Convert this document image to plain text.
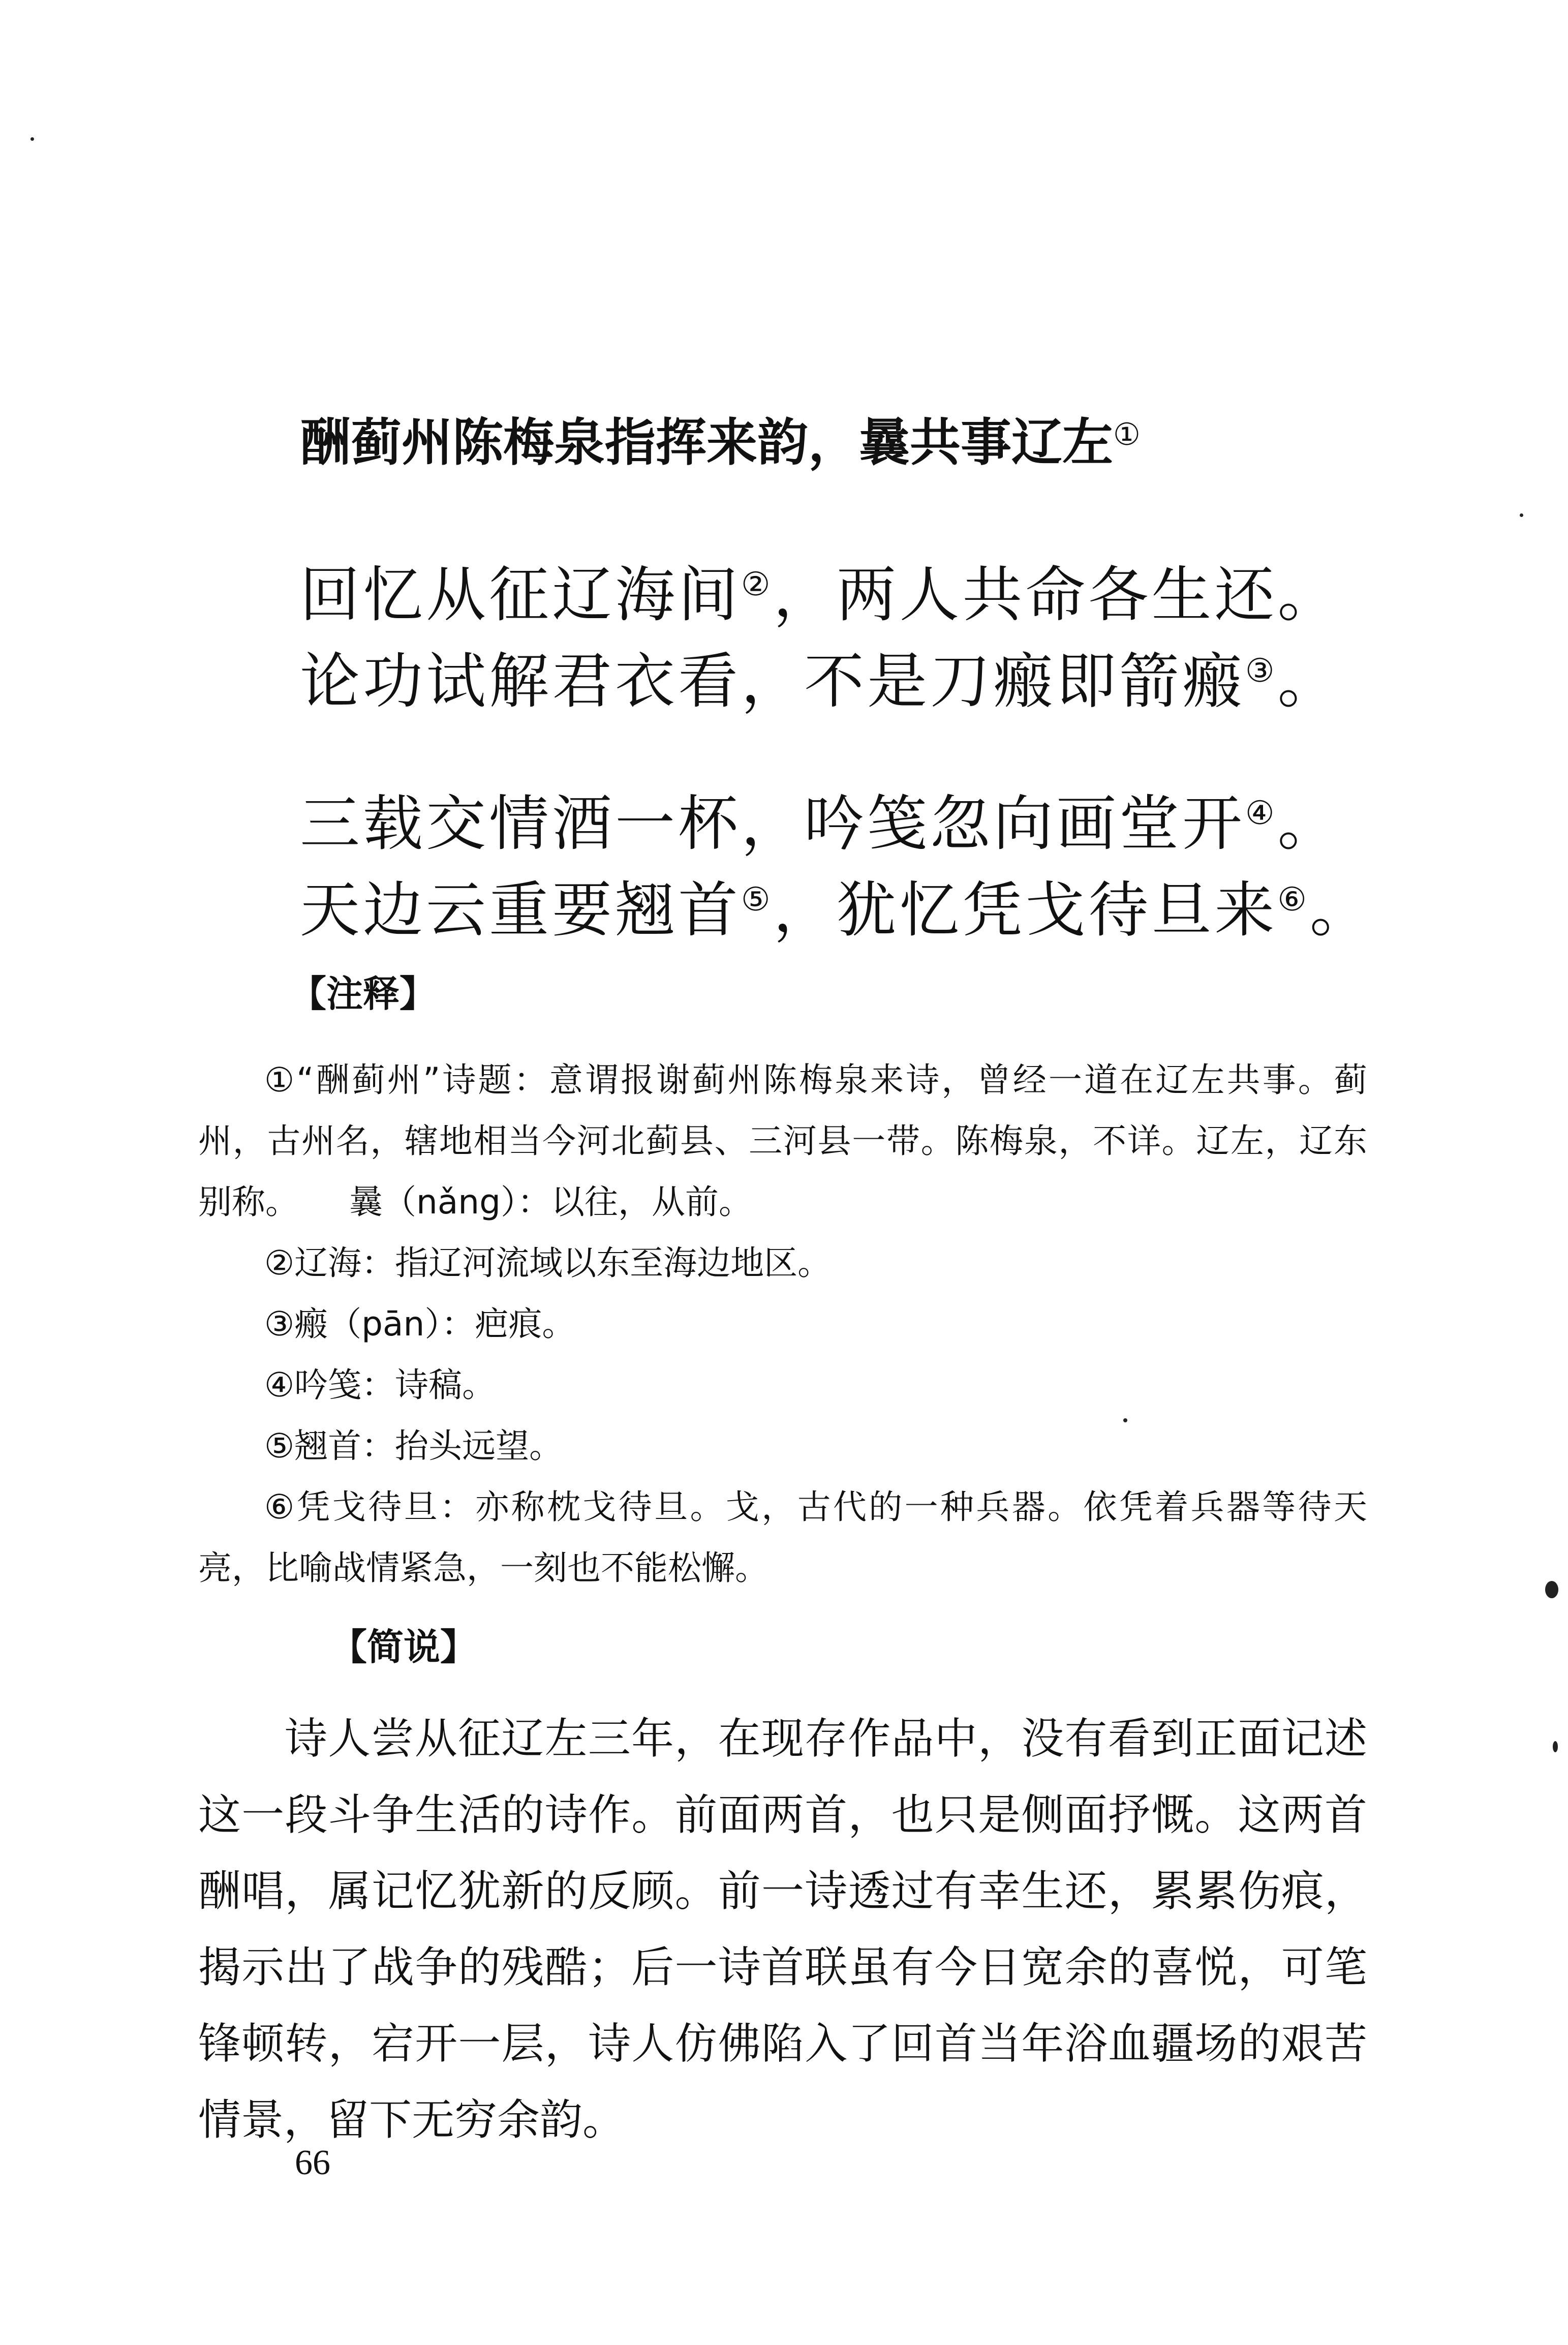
酬蓟州陈梅泉指挥来韵，曩共事辽左①
回忆从征辽海间②，两人共命各生还。
论功试解君衣看，不是刀瘢即箭瘢③。
三载交情酒一杯，吟笺忽向画堂开④。
天边云重要翘首⑤，犹忆凭戈待旦来⑥。
【注释】
①“酬蓟州”诗题：意谓报谢蓟州陈梅泉来诗，曾经一道在辽左共事。蓟州，古州名，辖地相当今河北蓟县、三河县一带。陈梅泉，不详。辽左，辽东别称。　　曩（nǎng）：以往，从前。
②辽海：指辽河流域以东至海边地区。
③瘢（pān）：疤痕。
④吟笺：诗稿。
⑤翘首：抬头远望。
⑥凭戈待旦：亦称枕戈待旦。戈，古代的一种兵器。依凭着兵器等待天亮，比喻战情紧急，一刻也不能松懈。
【简说】
诗人尝从征辽左三年，在现存作品中，没有看到正面记述这一段斗争生活的诗作。前面两首，也只是侧面抒慨。这两首酬唱，属记忆犹新的反顾。前一诗透过有幸生还，累累伤痕，揭示出了战争的残酷；后一诗首联虽有今日宽余的喜悦，可笔锋顿转，宕开一层，诗人仿佛陷入了回首当年浴血疆场的艰苦情景，留下无穷余韵。
66
